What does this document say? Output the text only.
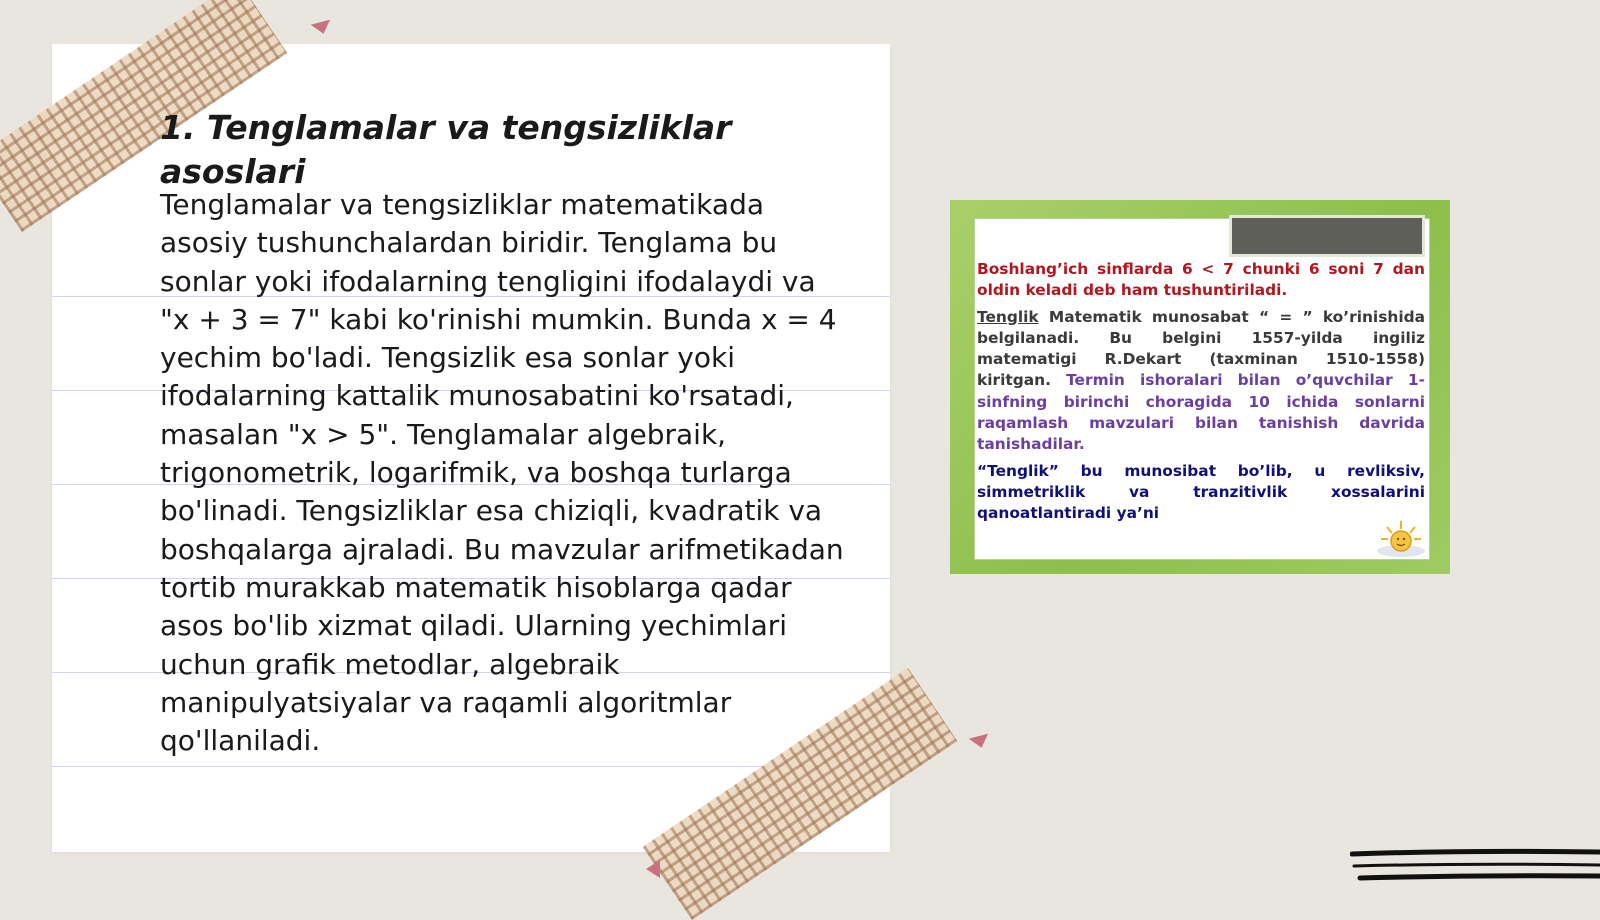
1. Tenglamalar va tengsizliklar asoslari

Tenglamalar va tengsizliklar matematikada asosiy tushunchalardan biridir. Tenglama bu sonlar yoki ifodalarning tengligini ifodalaydi va "x + 3 = 7" kabi ko'rinishi mumkin. Bunda x = 4 yechim bo'ladi. Tengsizlik esa sonlar yoki ifodalarning kattalik munosabatini ko'rsatadi, masalan "x > 5". Tenglamalar algebraik, trigonometrik, logarifmik, va boshqa turlarga bo'linadi. Tengsizliklar esa chiziqli, kvadratik va boshqalarga ajraladi. Bu mavzular arifmetikadan tortib murakkab matematik hisoblarga qadar asos bo'lib xizmat qiladi. Ularning yechimlari uchun grafik metodlar, algebraik manipulyatsiyalar va raqamli algoritmlar qo'llaniladi.

Boshlang’ich sinflarda 6 < 7 chunki 6 soni 7 dan oldin keladi deb ham tushuntiriladi.

Tenglik Matematik munosabat “ = ” ko’rinishida belgilanadi. Bu belgini 1557-yilda ingiliz matematigi R.Dekart (taxminan 1510-1558) kiritgan. Termin ishoralari bilan o’quvchilar 1-sinfning birinchi choragida 10 ichida sonlarni raqamlash mavzulari bilan tanishish davrida tanishadilar.

“Tenglik” bu munosibat bo’lib, u revliksiv, simmetriklik va tranzitivlik xossalarini qanoatlantiradi ya’ni
